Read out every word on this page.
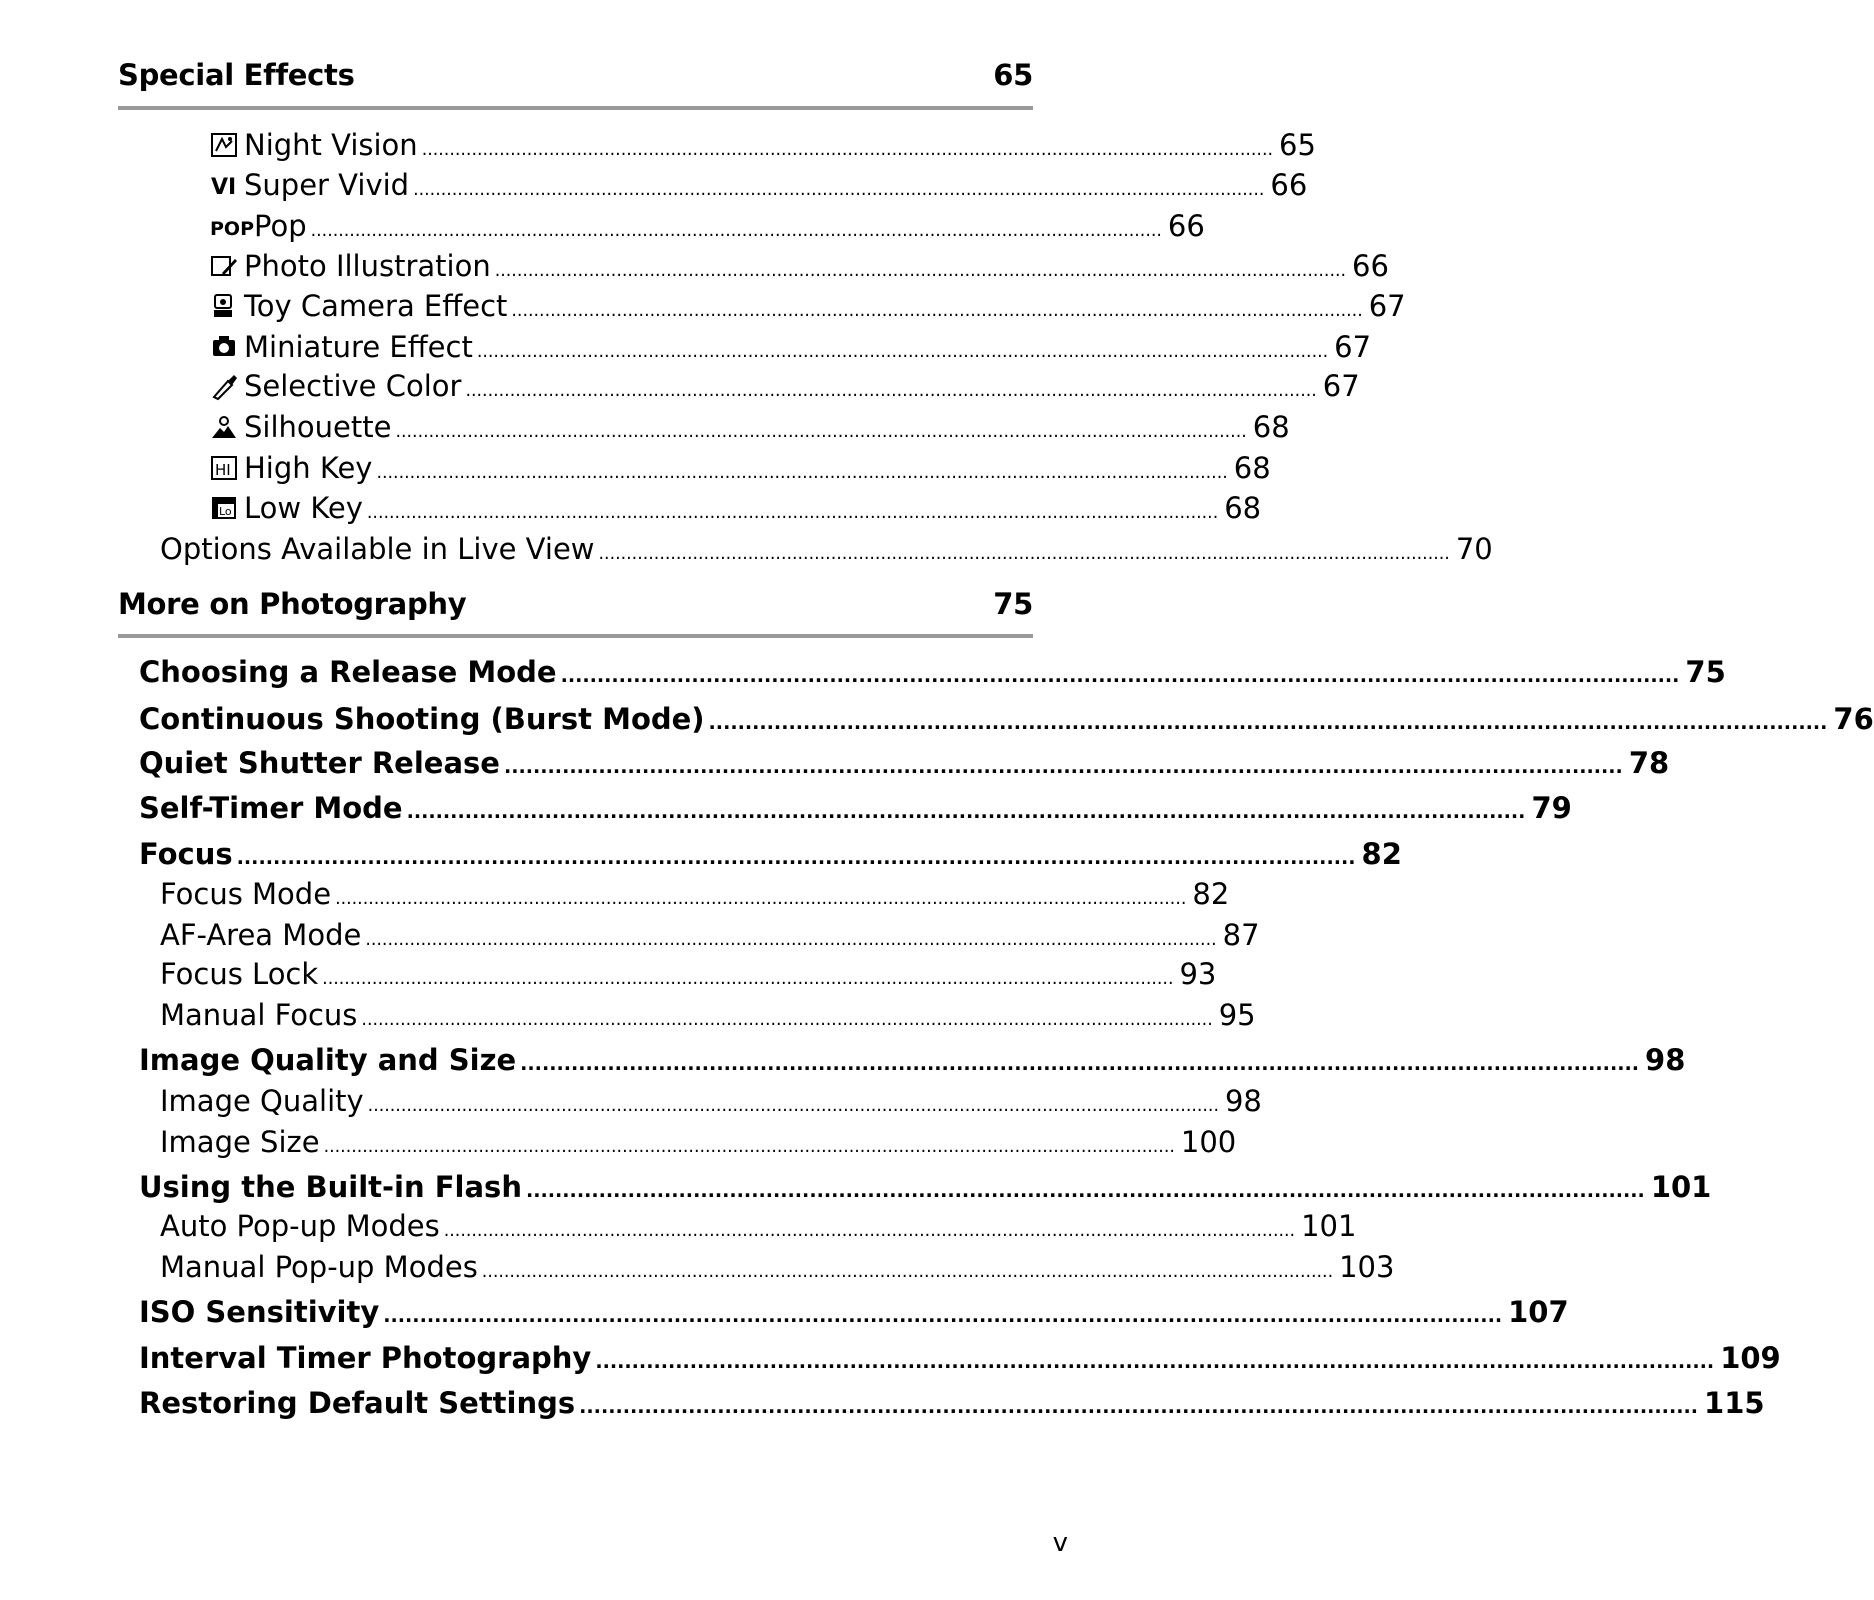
Special Effects	65
Night Vision .......................................................................................................................................................... 65
VI Super Vivid .......................................................................................................................................................... 66
POP Pop .......................................................................................................................................................... 66
Photo Illustration .......................................................................................................................................................... 66
Toy Camera Effect .......................................................................................................................................................... 67
Miniature Effect .......................................................................................................................................................... 67
Selective Color .......................................................................................................................................................... 67
Silhouette .......................................................................................................................................................... 68
HI High Key .......................................................................................................................................................... 68
Lo Low Key .......................................................................................................................................................... 68
Options Available in Live View .......................................................................................................................................................... 70
More on Photography	75
Choosing a Release Mode .......................................................................................................................................................... 75
Continuous Shooting (Burst Mode) .......................................................................................................................................................... 76
Quiet Shutter Release .......................................................................................................................................................... 78
Self-Timer Mode .......................................................................................................................................................... 79
Focus .......................................................................................................................................................... 82
Focus Mode .......................................................................................................................................................... 82
AF-Area Mode .......................................................................................................................................................... 87
Focus Lock .......................................................................................................................................................... 93
Manual Focus .......................................................................................................................................................... 95
Image Quality and Size .......................................................................................................................................................... 98
Image Quality .......................................................................................................................................................... 98
Image Size .......................................................................................................................................................... 100
Using the Built-in Flash .......................................................................................................................................................... 101
Auto Pop-up Modes .......................................................................................................................................................... 101
Manual Pop-up Modes .......................................................................................................................................................... 103
ISO Sensitivity .......................................................................................................................................................... 107
Interval Timer Photography .......................................................................................................................................................... 109
Restoring Default Settings .......................................................................................................................................................... 115
v
